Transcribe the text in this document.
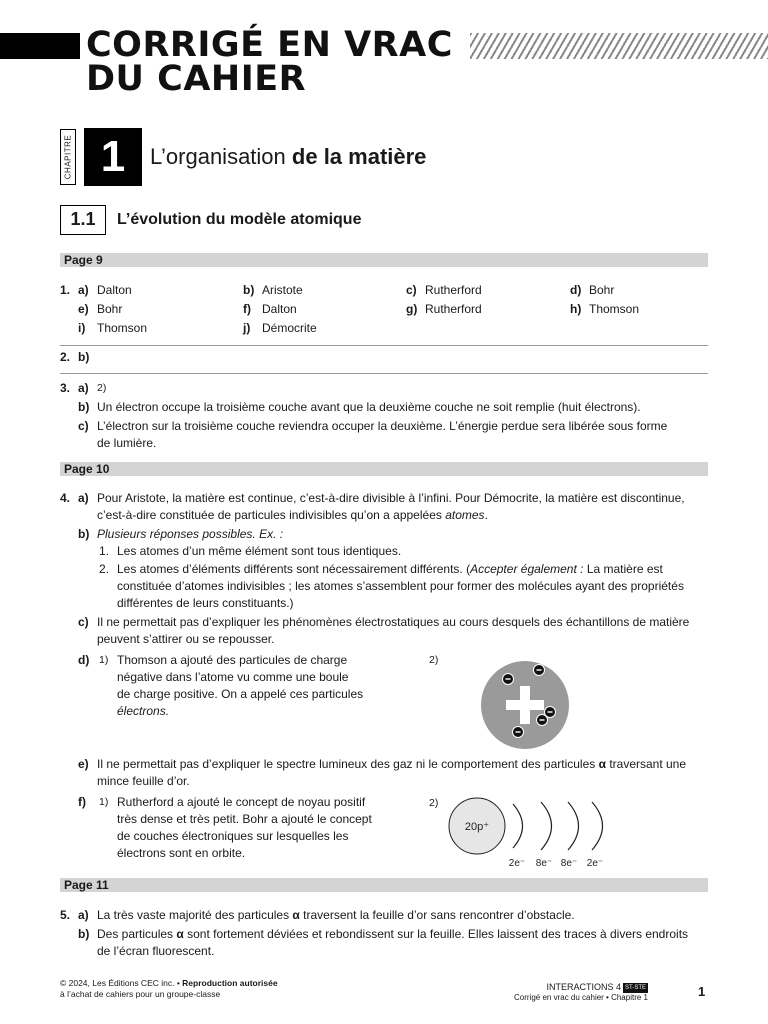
CORRIGÉ EN VRAC
DU CAHIER
CHAPITRE 1	L’organisation de la matière
1.1	L’évolution du modèle atomique
Page 9
1. a) Dalton	b) Aristote	c) Rutherford	d) Bohr
e) Bohr	f) Dalton	g) Rutherford	h) Thomson
i) Thomson	j) Démocrite
2. b)
3. a) 2)
b) Un électron occupe la troisième couche avant que la deuxième couche ne soit remplie (huit électrons).
c) L’électron sur la troisième couche reviendra occuper la deuxième. L’énergie perdue sera libérée sous forme
de lumière.
Page 10
4. a) Pour Aristote, la matière est continue, c’est-à-dire divisible à l’infini. Pour Démocrite, la matière est discontinue,
c’est-à-dire constituée de particules indivisibles qu’on a appelées atomes.
b) Plusieurs réponses possibles. Ex. :
1. Les atomes d’un même élément sont tous identiques.
2. Les atomes d’éléments différents sont nécessairement différents. (Accepter également : La matière est
constituée d’atomes indivisibles ; les atomes s’assemblent pour former des molécules ayant des propriétés
différentes de leurs constituants.)
c) Il ne permettait pas d’expliquer les phénomènes électrostatiques au cours desquels des échantillons de matière
peuvent s’attirer ou se repousser.
d) 1) Thomson a ajouté des particules de charge
négative dans l’atome vu comme une boule
de charge positive. On a appelé ces particules
électrons.
2)
e) Il ne permettait pas d’expliquer le spectre lumineux des gaz ni le comportement des particules α traversant une
mince feuille d’or.
f) 1) Rutherford a ajouté le concept de noyau positif
très dense et très petit. Bohr a ajouté le concept
de couches électroniques sur lesquelles les
électrons sont en orbite.
2)
20p⁺
2e⁻ 8e⁻ 8e⁻ 2e⁻
Page 11
5. a) La très vaste majorité des particules α traversent la feuille d’or sans rencontrer d’obstacle.
b) Des particules α sont fortement déviées et rebondissent sur la feuille. Elles laissent des traces à divers endroits
de l’écran fluorescent.
© 2024, Les Éditions CEC inc. • Reproduction autorisée
à l’achat de cahiers pour un groupe-classe
INTERACTIONS 4 ST-STE
Corrigé en vrac du cahier • Chapitre 1	1
